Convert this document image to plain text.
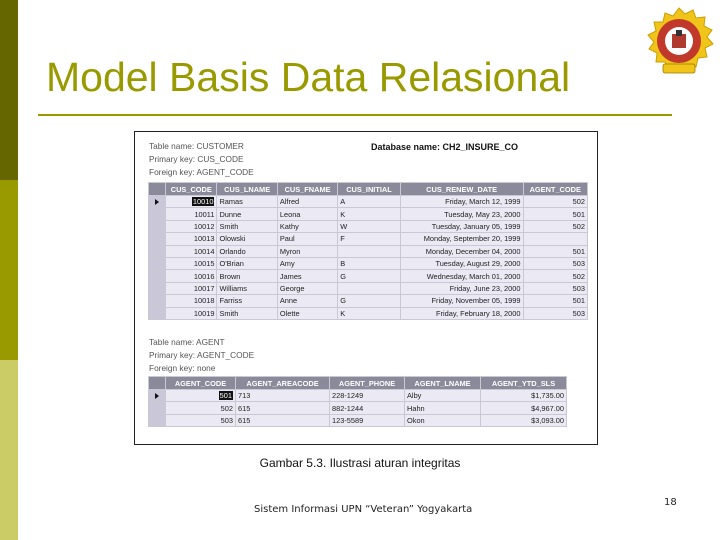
Model Basis Data Relasional
Table name: CUSTOMER
Primary key: CUS_CODE
Foreign key: AGENT_CODE
Database name: CH2_INSURE_CO
	CUS_CODE	CUS_LNAME	CUS_FNAME	CUS_INITIAL	CUS_RENEW_DATE	AGENT_CODE
	10010	Ramas	Alfred	A	Friday, March 12, 1999	502
	10011	Dunne	Leona	K	Tuesday, May 23, 2000	501
	10012	Smith	Kathy	W	Tuesday, January 05, 1999	502
	10013	Olowski	Paul	F	Monday, September 20, 1999	
	10014	Orlando	Myron		Monday, December 04, 2000	501
	10015	O'Brian	Amy	B	Tuesday, August 29, 2000	503
	10016	Brown	James	G	Wednesday, March 01, 2000	502
	10017	Williams	George		Friday, June 23, 2000	503
	10018	Farriss	Anne	G	Friday, November 05, 1999	501
	10019	Smith	Olette	K	Friday, February 18, 2000	503
Table name: AGENT
Primary key: AGENT_CODE
Foreign key: none
	AGENT_CODE	AGENT_AREACODE	AGENT_PHONE	AGENT_LNAME	AGENT_YTD_SLS
	501	713	228-1249	Alby	$1,735.00
	502	615	882-1244	Hahn	$4,967.00
	503	615	123-5589	Okon	$3,093.00
Gambar 5.3. Ilustrasi aturan integritas
Sistem Informasi UPN “Veteran” Yogyakarta
18
